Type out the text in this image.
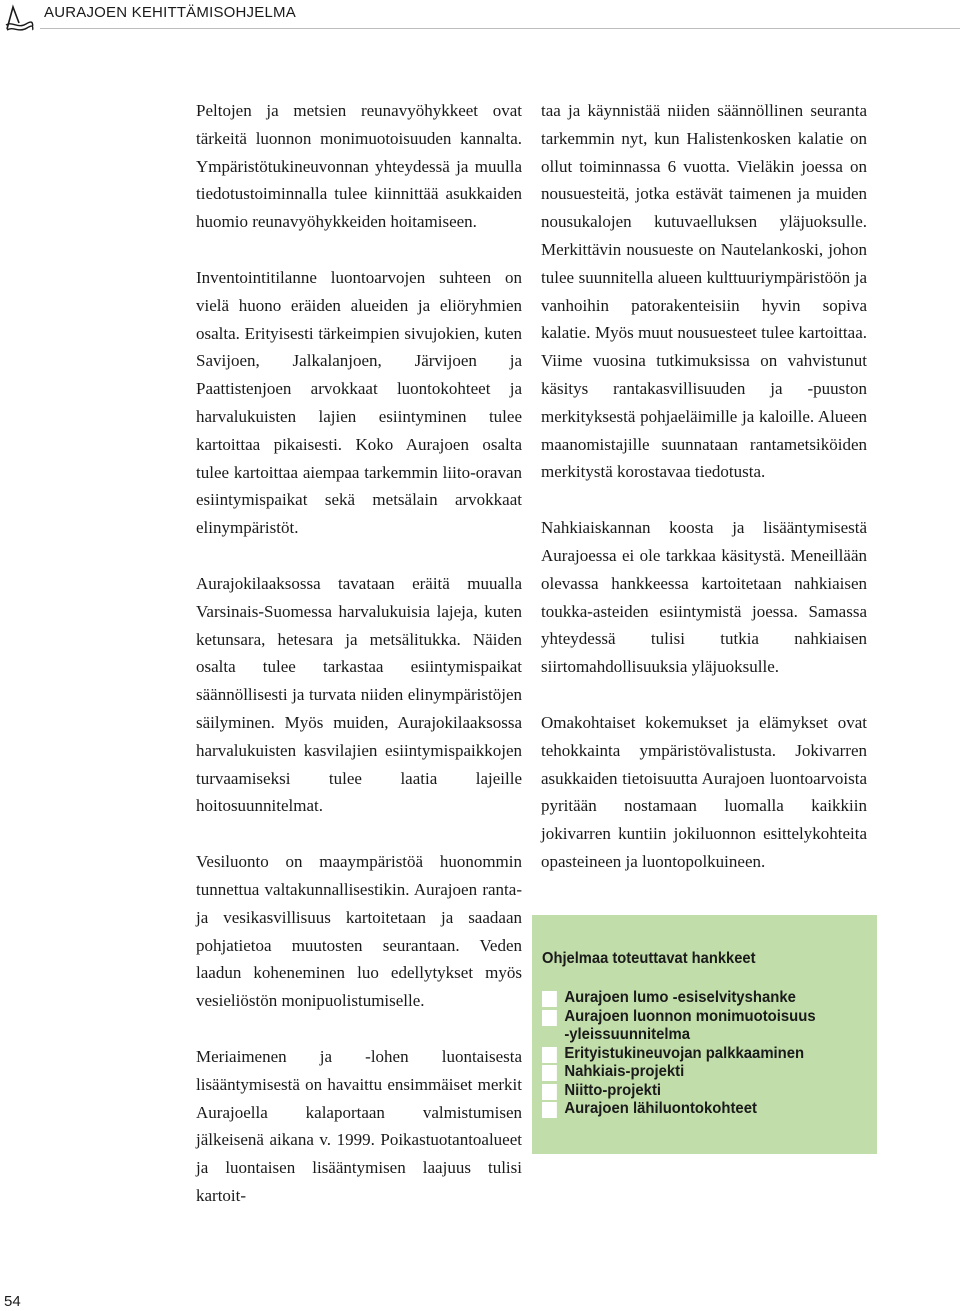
AURAJOEN KEHITTÄMISOHJELMA

Peltojen ja metsien reunavyöhykkeet ovat tärkeitä luonnon monimuotoisuuden kannalta. Ympäristötukineuvonnan yhteydessä ja muulla tiedotustoiminnalla tulee kiinnittää asukkaiden huomio reunavyöhykkeiden hoitamiseen.

Inventointitilanne luontoarvojen suhteen on vielä huono eräiden alueiden ja eliöryhmien osalta. Erityisesti tärkeimpien sivujokien, kuten Savijoen, Jalkalanjoen, Järvijoen ja Paattistenjoen arvokkaat luontokohteet ja harvalukuisten lajien esiintyminen tulee kartoittaa pikaisesti. Koko Aurajoen osalta tulee kartoittaa aiempaa tarkemmin liito-oravan esiintymispaikat sekä metsälain arvokkaat elinympäristöt.

Aurajokilaaksossa tavataan eräitä muualla Varsinais-Suomessa harvalukuisia lajeja, kuten ketunsara, hetesara ja metsälitukka. Näiden osalta tulee tarkastaa esiintymispaikat säännöllisesti ja turvata niiden elinympäristöjen säilyminen. Myös muiden, Aurajokilaaksossa harvalukuisten kasvilajien esiintymispaikkojen turvaamiseksi tulee laatia lajeille hoitosuunnitelmat.

Vesiluonto on maaympäristöä huonommin tunnettua valtakunnallisestikin. Aurajoen ranta- ja vesikasvillisuus kartoitetaan ja saadaan pohjatietoa muutosten seurantaan. Veden laadun koheneminen luo edellytykset myös vesieliöstön monipuolistumiselle.

Meriaimenen ja -lohen luontaisesta lisääntymisestä on havaittu ensimmäiset merkit Aurajoella kalaportaan valmistumisen jälkeisenä aikana v. 1999. Poikastuotantoalueet ja luontaisen lisääntymisen laajuus tulisi kartoit-

taa ja käynnistää niiden säännöllinen seuranta tarkemmin nyt, kun Halistenkosken kalatie on ollut toiminnassa 6 vuotta. Vieläkin joessa on nousuesteitä, jotka estävät taimenen ja muiden nousukalojen kutuvaelluksen yläjuoksulle. Merkittävin nousueste on Nautelankoski, johon tulee suunnitella alueen kulttuuriympäristöön ja vanhoihin patorakenteisiin hyvin sopiva kalatie. Myös muut nousuesteet tulee kartoittaa. Viime vuosina tutkimuksissa on vahvistunut käsitys rantakasvillisuuden ja -puuston merkityksestä pohjaeläimille ja kaloille. Alueen maanomistajille suunnataan rantametsiköiden merkitystä korostavaa tiedotusta.

Nahkiaiskannan koosta ja lisääntymisestä Aurajoessa ei ole tarkkaa käsitystä. Meneillään olevassa hankkeessa kartoitetaan nahkiaisen toukka-asteiden esiintymistä joessa. Samassa yhteydessä tulisi tutkia nahkiaisen siirtomahdollisuuksia yläjuoksulle.

Omakohtaiset kokemukset ja elämykset ovat tehokkainta ympäristövalistusta. Jokivarren asukkaiden tietoisuutta Aurajoen luontoarvoista pyritään nostamaan luomalla kaikkiin jokivarren kuntiin jokiluonnon esittelykohteita opasteineen ja luontopolkuineen.

Ohjelmaa toteuttavat hankkeet
Aurajoen lumo -esiselvityshanke
Aurajoen luonnon monimuotoisuus
-yleissuunnitelma
Erityistukineuvojan palkkaaminen
Nahkiais-projekti
Niitto-projekti
Aurajoen lähiluontokohteet
54
